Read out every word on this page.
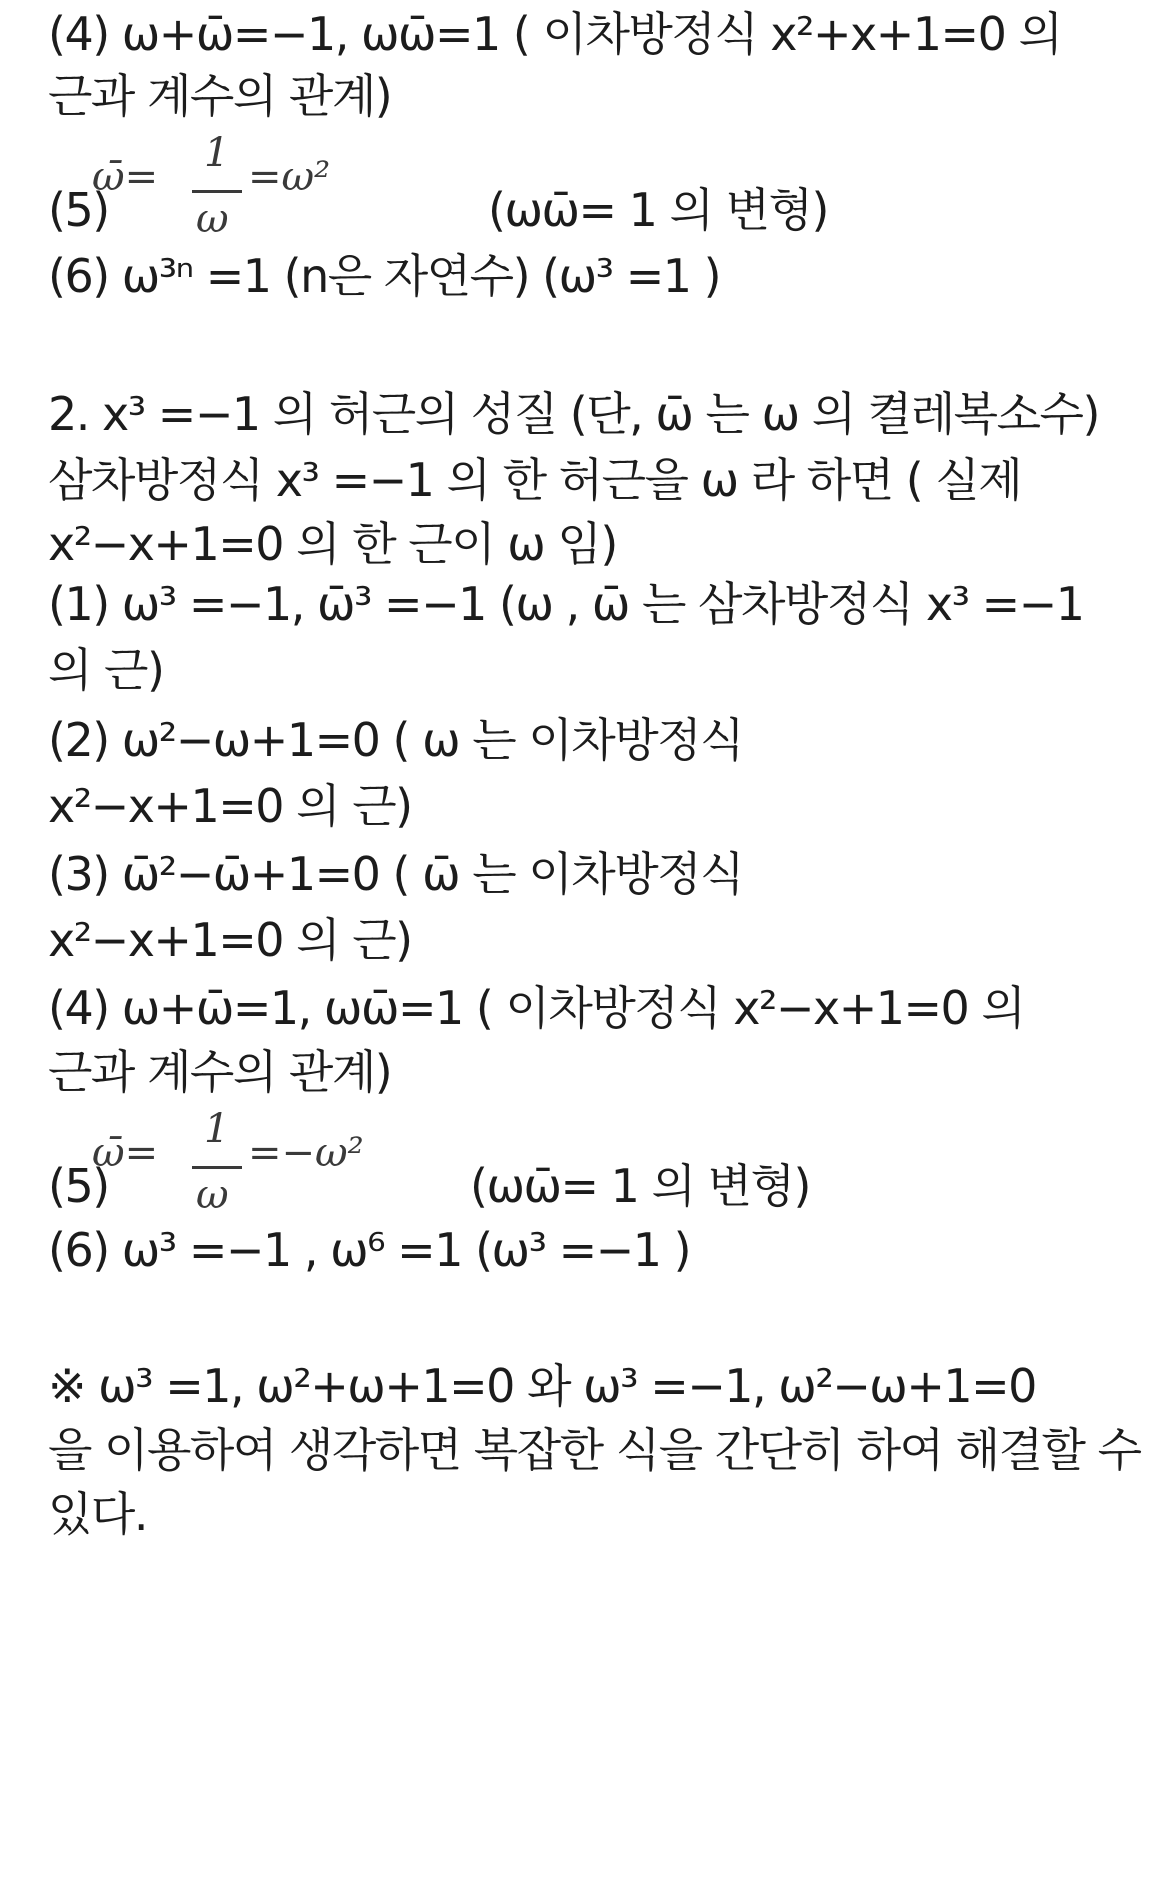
(4) ω+ω̄=−1, ωω̄=1 ( 이차방정식 x²+x+1=0 의
근과 계수의 관계)
(5)
ω̄=
1
ω
=ω²
(ωω̄= 1 의 변형)
(6) ω³ⁿ =1 (n은 자연수) (ω³ =1 )
2. x³ =−1 의 허근의 성질 (단, ω̄ 는 ω 의 켤레복소수)
삼차방정식 x³ =−1 의 한 허근을 ω 라 하면 ( 실제
x²−x+1=0 의 한 근이 ω 임)
(1) ω³ =−1, ω̄³ =−1 (ω , ω̄ 는 삼차방정식 x³ =−1
의 근)
(2) ω²−ω+1=0 ( ω 는 이차방정식
x²−x+1=0 의 근)
(3) ω̄²−ω̄+1=0 ( ω̄ 는 이차방정식
x²−x+1=0 의 근)
(4) ω+ω̄=1, ωω̄=1 ( 이차방정식 x²−x+1=0 의
근과 계수의 관계)
(5)
ω̄=
1
ω
=−ω²
(ωω̄= 1 의 변형)
(6) ω³ =−1 , ω⁶ =1 (ω³ =−1 )
※ ω³ =1, ω²+ω+1=0 와 ω³ =−1, ω²−ω+1=0
을 이용하여 생각하면 복잡한 식을 간단히 하여 해결할 수
있다.
